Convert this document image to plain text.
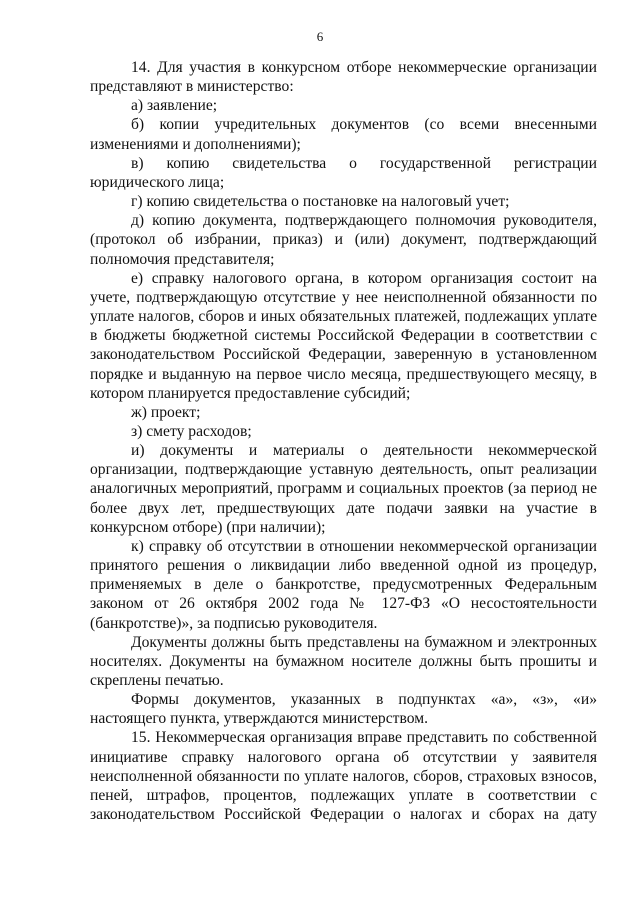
6

14. Для участия в конкурсном отборе некоммерческие организации представляют в министерство:

а) заявление;

б) копии учредительных документов (со всеми внесенными изменениями и дополнениями);

в) копию свидетельства о государственной регистрации юридического лица;

г) копию свидетельства о постановке на налоговый учет;

д) копию документа, подтверждающего полномочия руководителя, (протокол об избрании, приказ) и (или) документ, подтверждающий полномочия представителя;

е) справку налогового органа, в котором организация состоит на учете, подтверждающую отсутствие у нее неисполненной обязанности по уплате налогов, сборов и иных обязательных платежей, подлежащих уплате в бюджеты бюджетной системы Российской Федерации в соответствии с законодательством Российской Федерации, заверенную в установленном порядке и выданную на первое число месяца, предшествующего месяцу, в котором планируется предоставление субсидий;

ж) проект;

з) смету расходов;

и) документы и материалы о деятельности некоммерческой организации, подтверждающие уставную деятельность, опыт реализации аналогичных мероприятий, программ и социальных проектов (за период не более двух лет, предшествующих дате подачи заявки на участие в конкурсном отборе) (при наличии);

к) справку об отсутствии в отношении некоммерческой организации принятого решения о ликвидации либо введенной одной из процедур, применяемых в деле о банкротстве, предусмотренных Федеральным законом от 26 октября 2002 года № 127-ФЗ «О несостоятельности (банкротстве)», за подписью руководителя.

Документы должны быть представлены на бумажном и электронных носителях. Документы на бумажном носителе должны быть прошиты и скреплены печатью.

Формы документов, указанных в подпунктах «а», «з», «и» настоящего пункта, утверждаются министерством.

15. Некоммерческая организация вправе представить по собственной инициативе справку налогового органа об отсутствии у заявителя неисполненной обязанности по уплате налогов, сборов, страховых взносов, пеней, штрафов, процентов, подлежащих уплате в соответствии с законодательством Российской Федерации о налогах и сборах на дату
